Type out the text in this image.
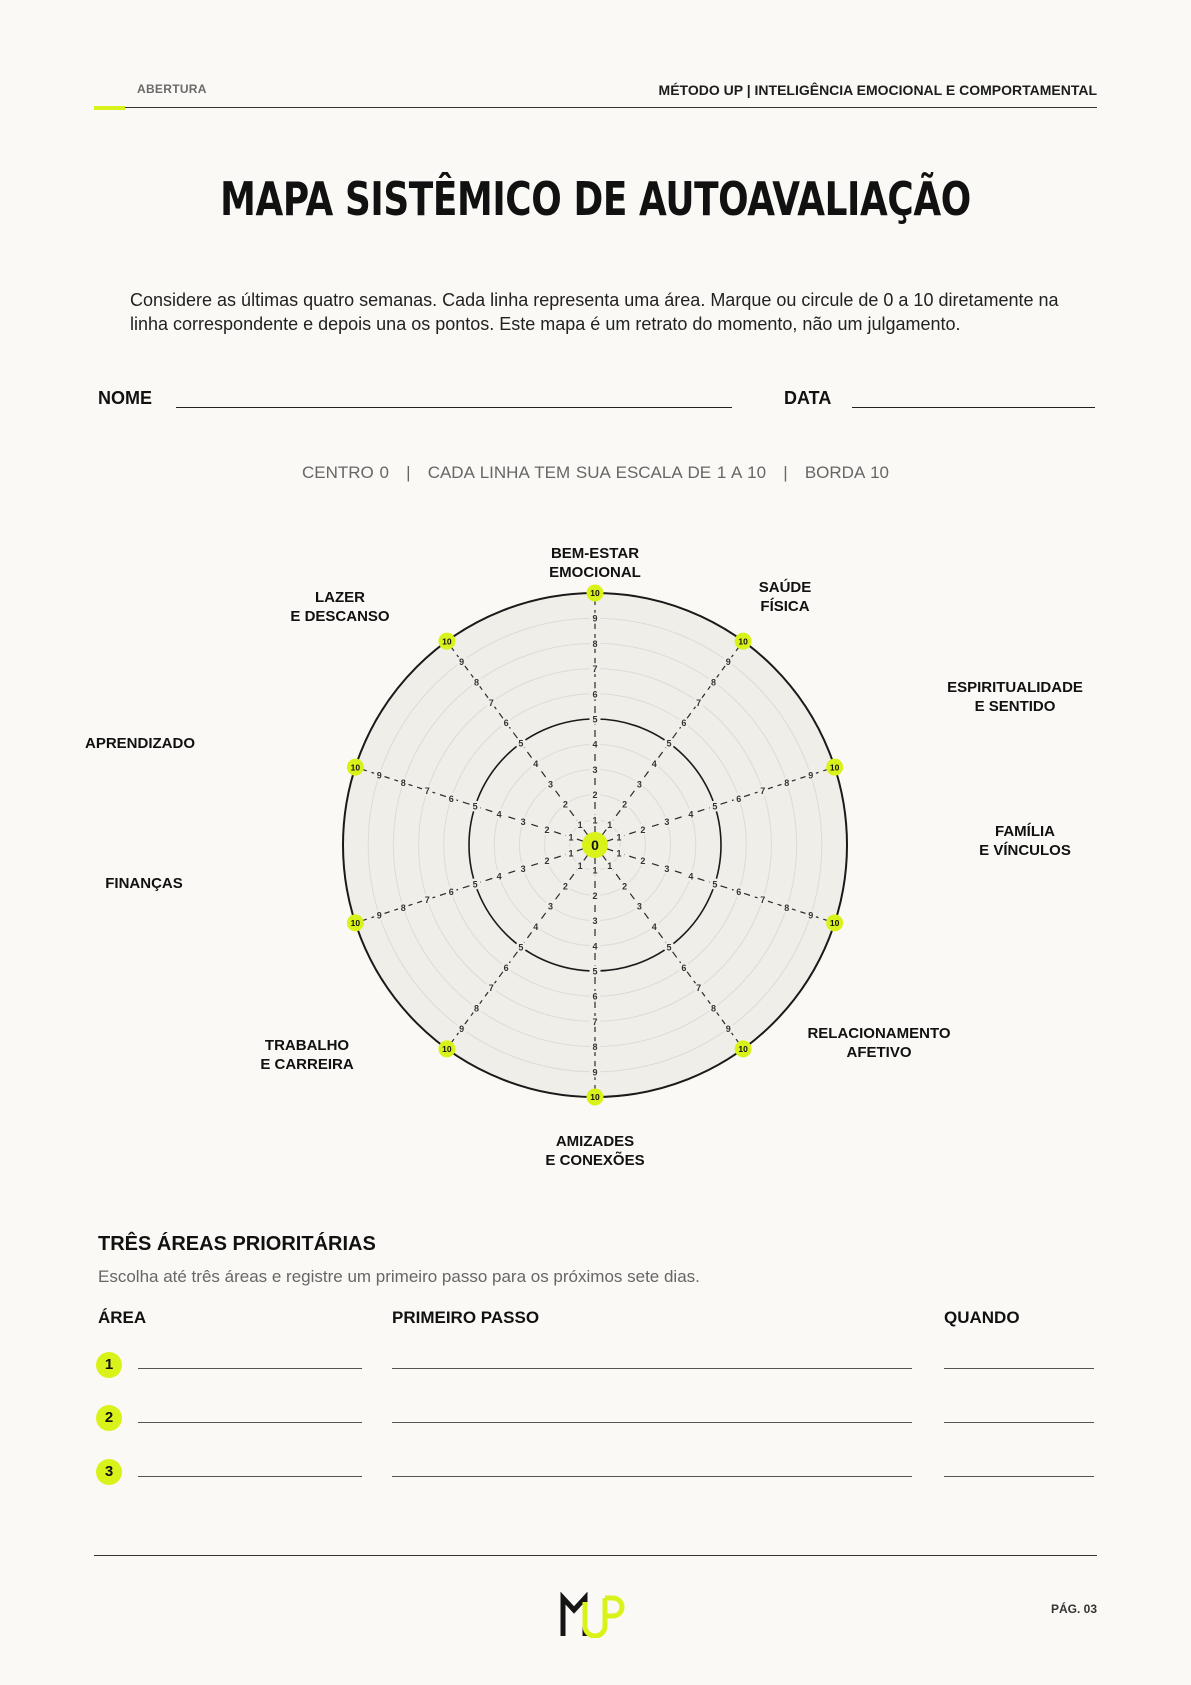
ABERTURA	MÉTODO UP | INTELIGÊNCIA EMOCIONAL E COMPORTAMENTAL
MAPA SISTÊMICO DE AUTOAVALIAÇÃO
Considere as últimas quatro semanas. Cada linha representa uma área. Marque ou circule de 0 a 10 diretamente na linha correspondente e depois una os pontos. Este mapa é um retrato do momento, não um julgamento.
NOME	DATA
CENTRO 0   |   CADA LINHA TEM SUA ESCALA DE 1 A 10   |   BORDA 10
1
2
3
4
5
6
7
8
9
10
1
2
3
4
5
6
7
8
9
10
1
2
3
4
5
6
7
8
9
10
1
2
3
4
5
6
7
8
9
10
1
2
3
4
5
6
7
8
9
10
1
2
3
4
5
6
7
8
9
10
1
2
3
4
5
6
7
8
9
10
1
2
3
4
5
6
7
8
9
10
1
2
3
4
5
6
7
8
9
10
1
2
3
4
5
6
7
8
9
10
0
BEM-ESTAR
EMOCIONAL
SAÚDE
FÍSICA
ESPIRITUALIDADE
E SENTIDO
FAMÍLIA
E VÍNCULOS
RELACIONAMENTO
AFETIVO
AMIZADES
E CONEXÕES
TRABALHO
E CARREIRA
FINANÇAS
APRENDIZADO
LAZER
E DESCANSO
TRÊS ÁREAS PRIORITÁRIAS
Escolha até três áreas e registre um primeiro passo para os próximos sete dias.
ÁREA	PRIMEIRO PASSO	QUANDO
1
2
3
PÁG. 03
